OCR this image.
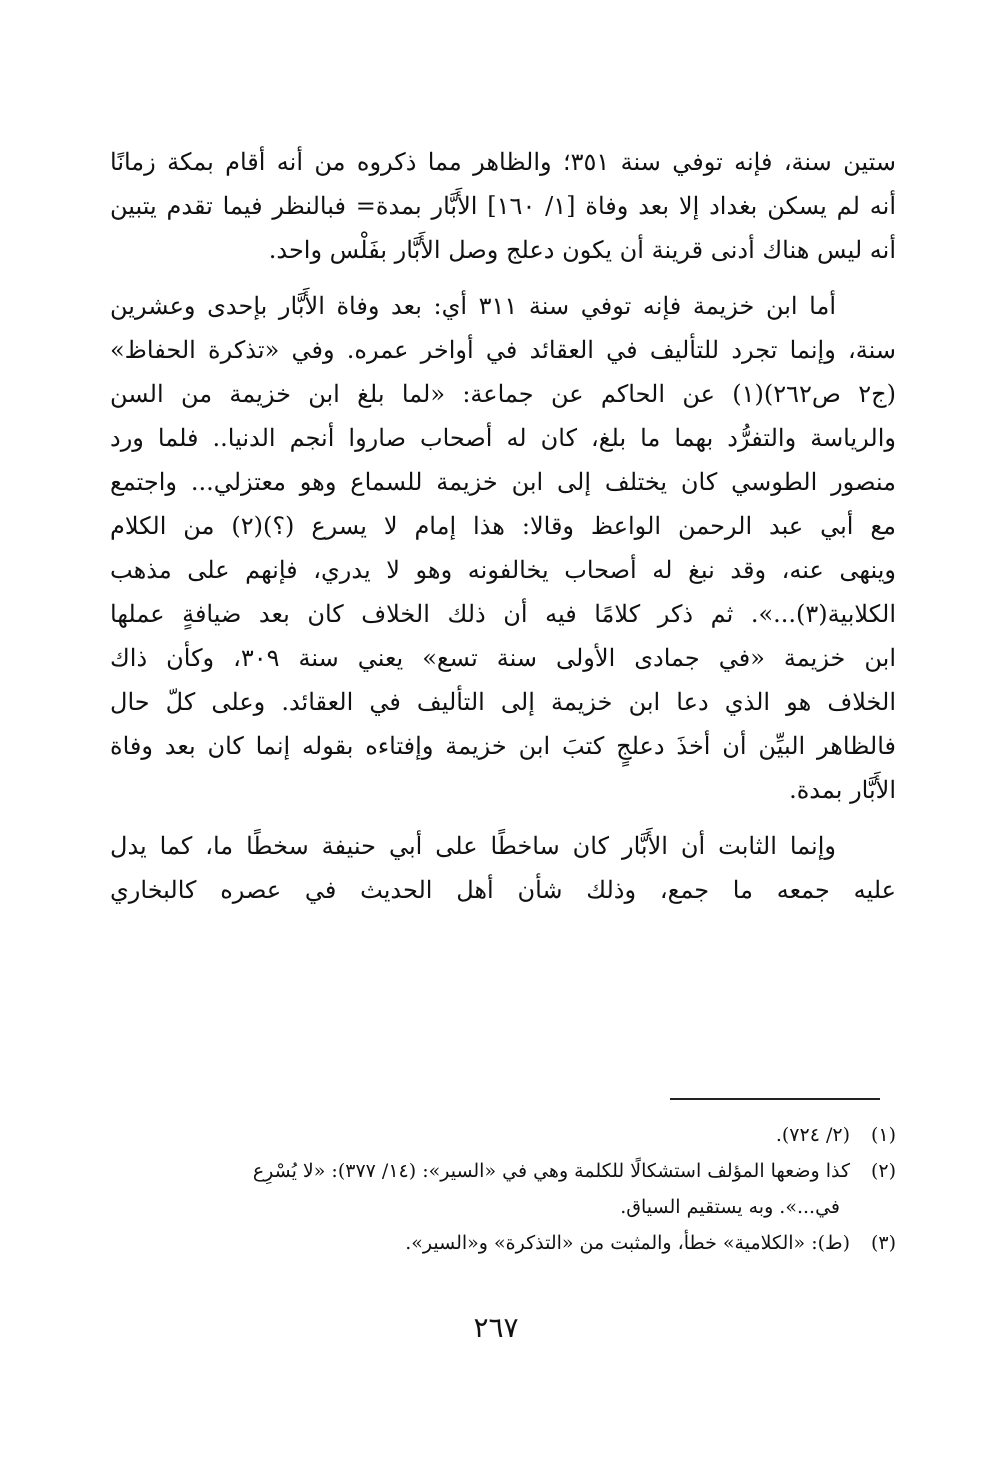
ستين سنة، فإنه توفي سنة ٣٥١؛ والظاهر مما ذكروه من أنه أقام بمكة زمانًا
أنه لم يسكن بغداد إلا بعد وفاة [١/ ١٦٠] الأَبَّار بمدة= فبالنظر فيما تقدم يتبين
أنه ليس هناك أدنى قرينة أن يكون دعلج وصل الأَبَّار بفَلْس واحد.

أما ابن خزيمة فإنه توفي سنة ٣١١ أي: بعد وفاة الأَبَّار بإحدى وعشرين
سنة، وإنما تجرد للتأليف في العقائد في أواخر عمره. وفي «تذكرة الحفاظ»
(ج٢ ص٢٦٢)(١) عن الحاكم عن جماعة: «لما بلغ ابن خزيمة من السن
والرياسة والتفرُّد بهما ما بلغ، كان له أصحاب صاروا أنجم الدنيا.. فلما ورد
منصور الطوسي كان يختلف إلى ابن خزيمة للسماع وهو معتزلي... واجتمع
مع أبي عبد الرحمن الواعظ وقالا: هذا إمام لا يسرع (؟)(٢) من الكلام
وينهى عنه، وقد نبغ له أصحاب يخالفونه وهو لا يدري، فإنهم على مذهب
الكلابية(٣)...». ثم ذكر كلامًا فيه أن ذلك الخلاف كان بعد ضيافةٍ عملها
ابن خزيمة «في جمادى الأولى سنة تسع» يعني سنة ٣٠٩، وكأن ذاك
الخلاف هو الذي دعا ابن خزيمة إلى التأليف في العقائد. وعلى كلّ حال
فالظاهر البيِّن أن أخذَ دعلجٍ كتبَ ابن خزيمة وإفتاءه بقوله إنما كان بعد وفاة
الأَبَّار بمدة.

وإنما الثابت أن الأَبَّار كان ساخطًا على أبي حنيفة سخطًا ما، كما يدل
عليه جمعه ما جمع، وذلك شأن أهل الحديث في عصره كالبخاري

(١)(٢/ ٧٢٤).

(٢)كذا وضعها المؤلف استشكالًا للكلمة وهي في «السير»: (١٤/ ٣٧٧): «لا يُسْرِع
في...». وبه يستقيم السياق.

(٣)(ط): «الكلامية» خطأ، والمثبت من «التذكرة» و«السير».

٢٦٧
